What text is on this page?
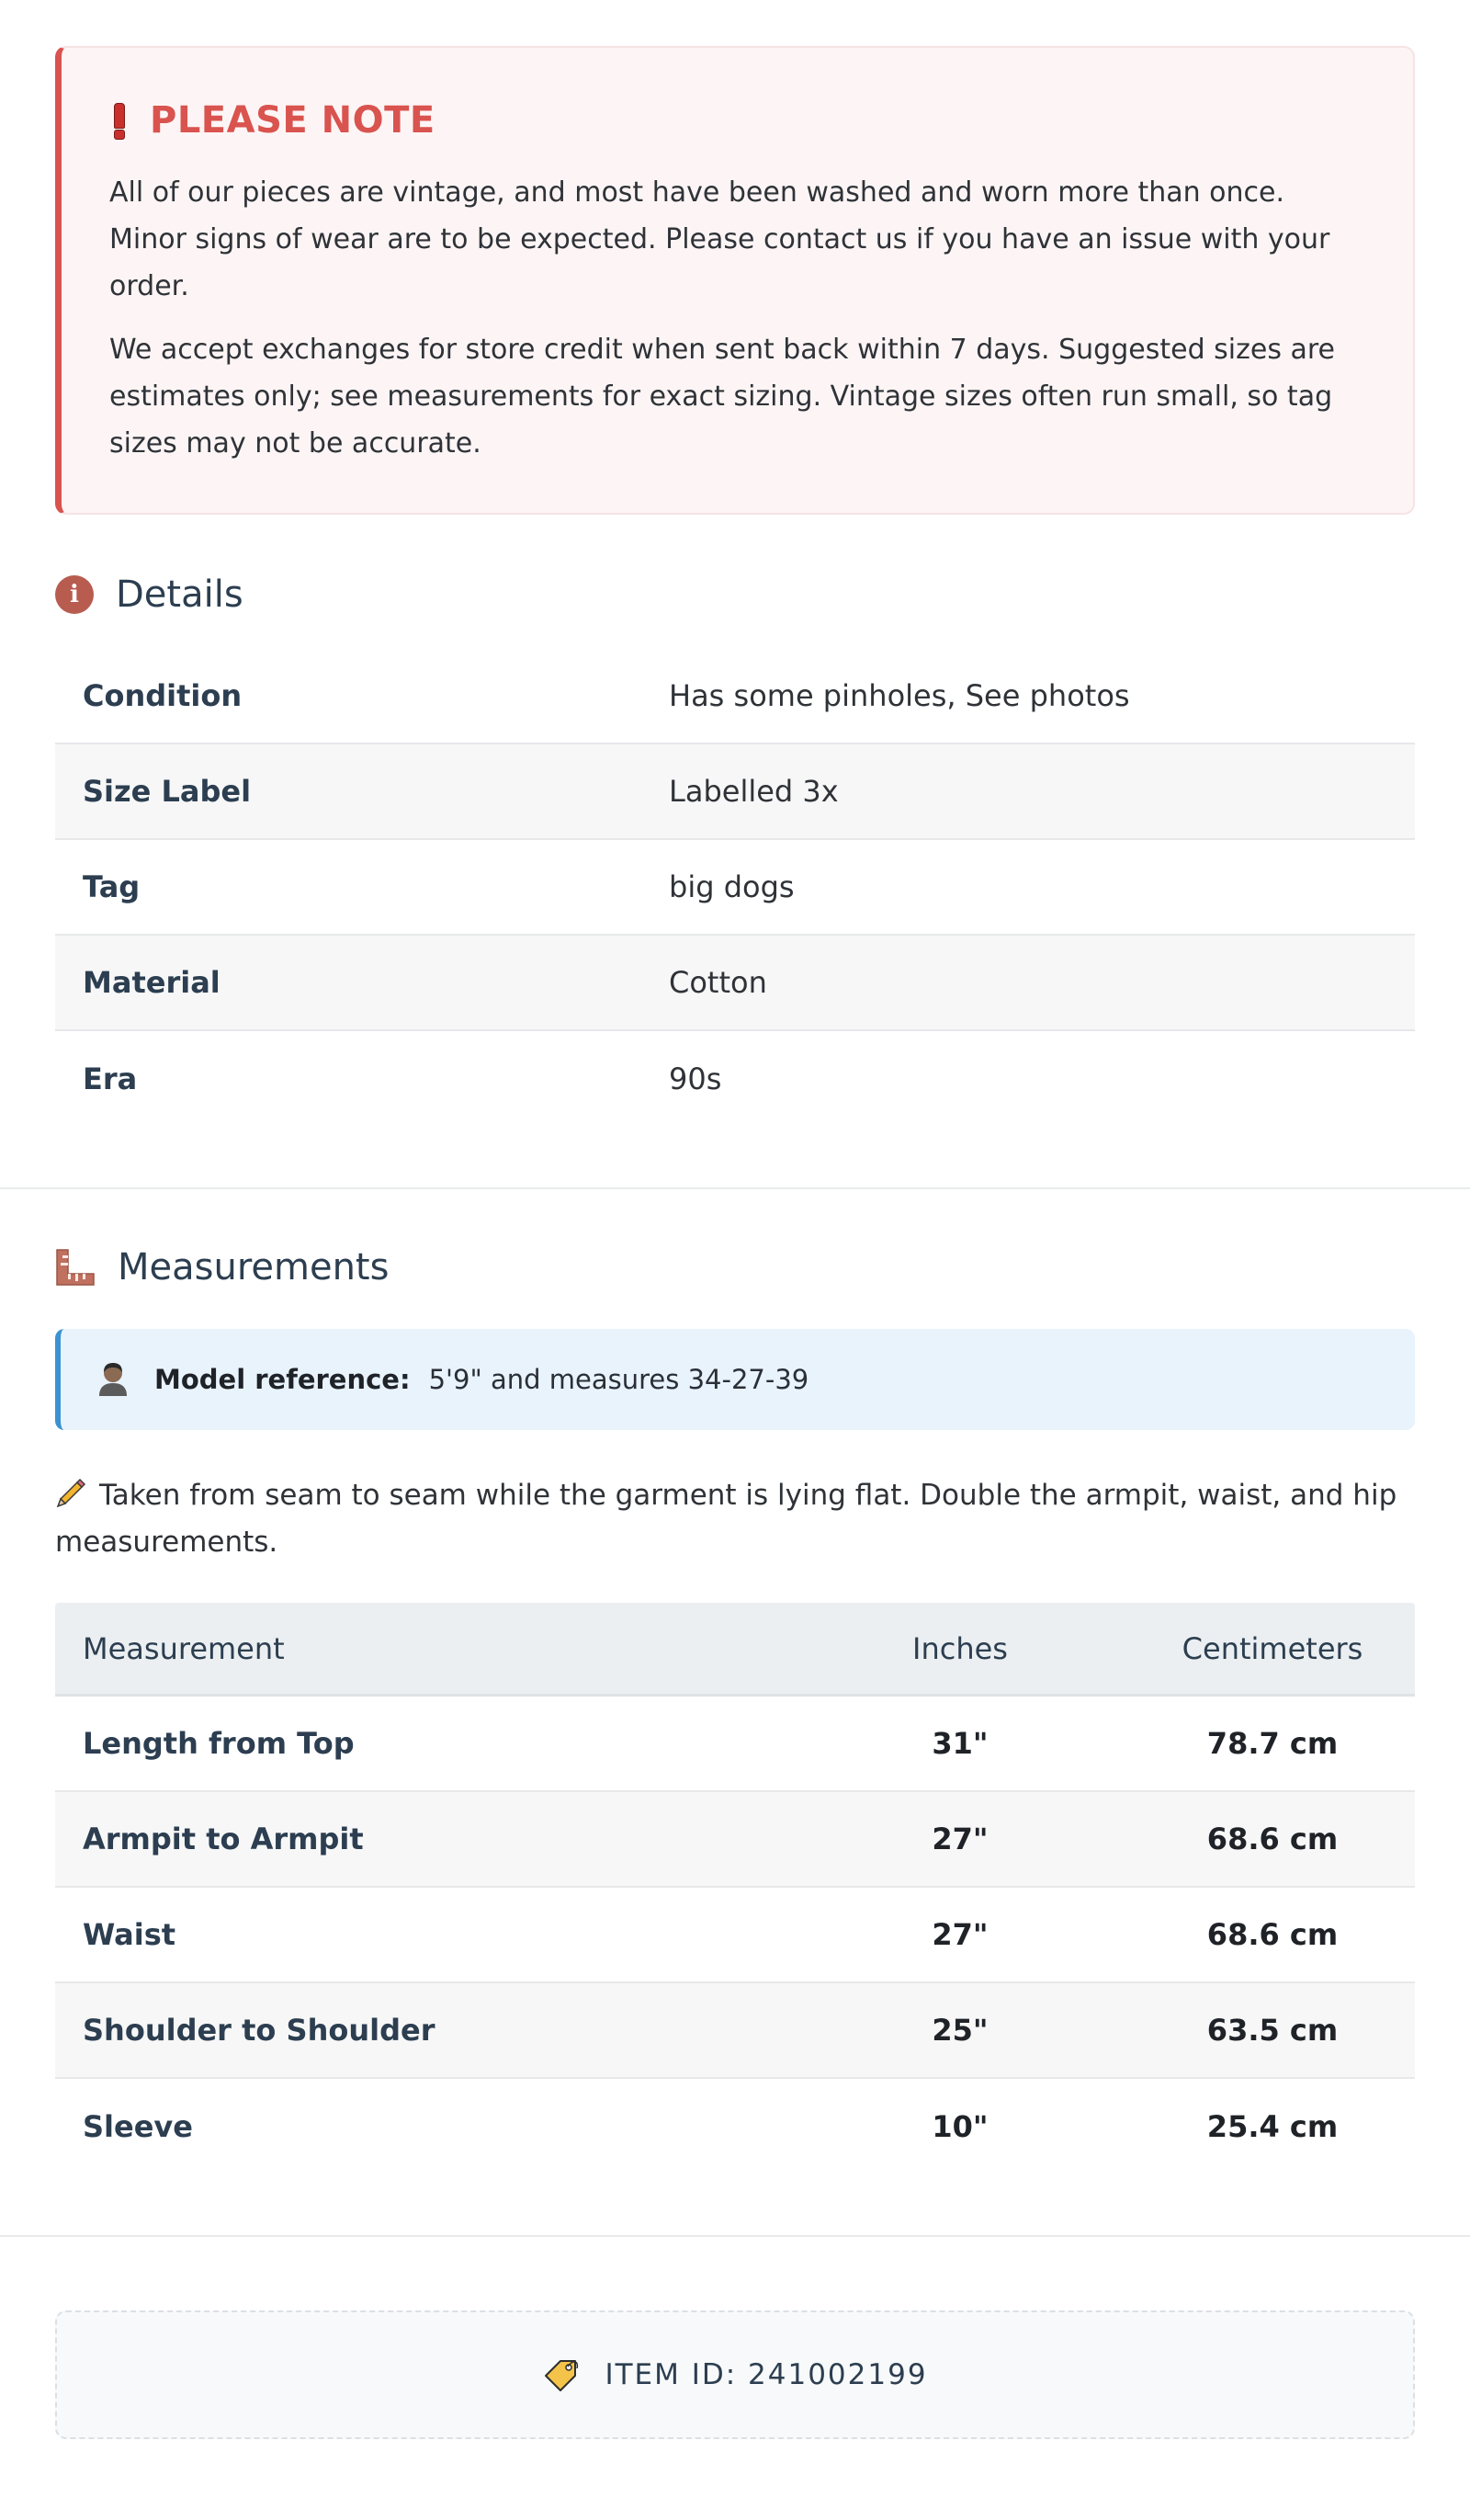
PLEASE NOTE

All of our pieces are vintage, and most have been washed and worn more than once. Minor signs of wear are to be expected. Please contact us if you have an issue with your order.

We accept exchanges for store credit when sent back within 7 days. Suggested sizes are estimates only; see measurements for exact sizing. Vintage sizes often run small, so tag sizes may not be accurate.

i	Details
Condition	Has some pinholes, See photos
Size Label	Labelled 3x
Tag	big dogs
Material	Cotton
Era	90s
Measurements
Model reference: 5'9" and measures 34-27-39
Taken from seam to seam while the garment is lying flat. Double the armpit, waist, and hip measurements.
Measurement	Inches	Centimeters
Length from Top	31"	78.7 cm
Armpit to Armpit	27"	68.6 cm
Waist	27"	68.6 cm
Shoulder to Shoulder	25"	63.5 cm
Sleeve	10"	25.4 cm
ITEM ID: 241002199
